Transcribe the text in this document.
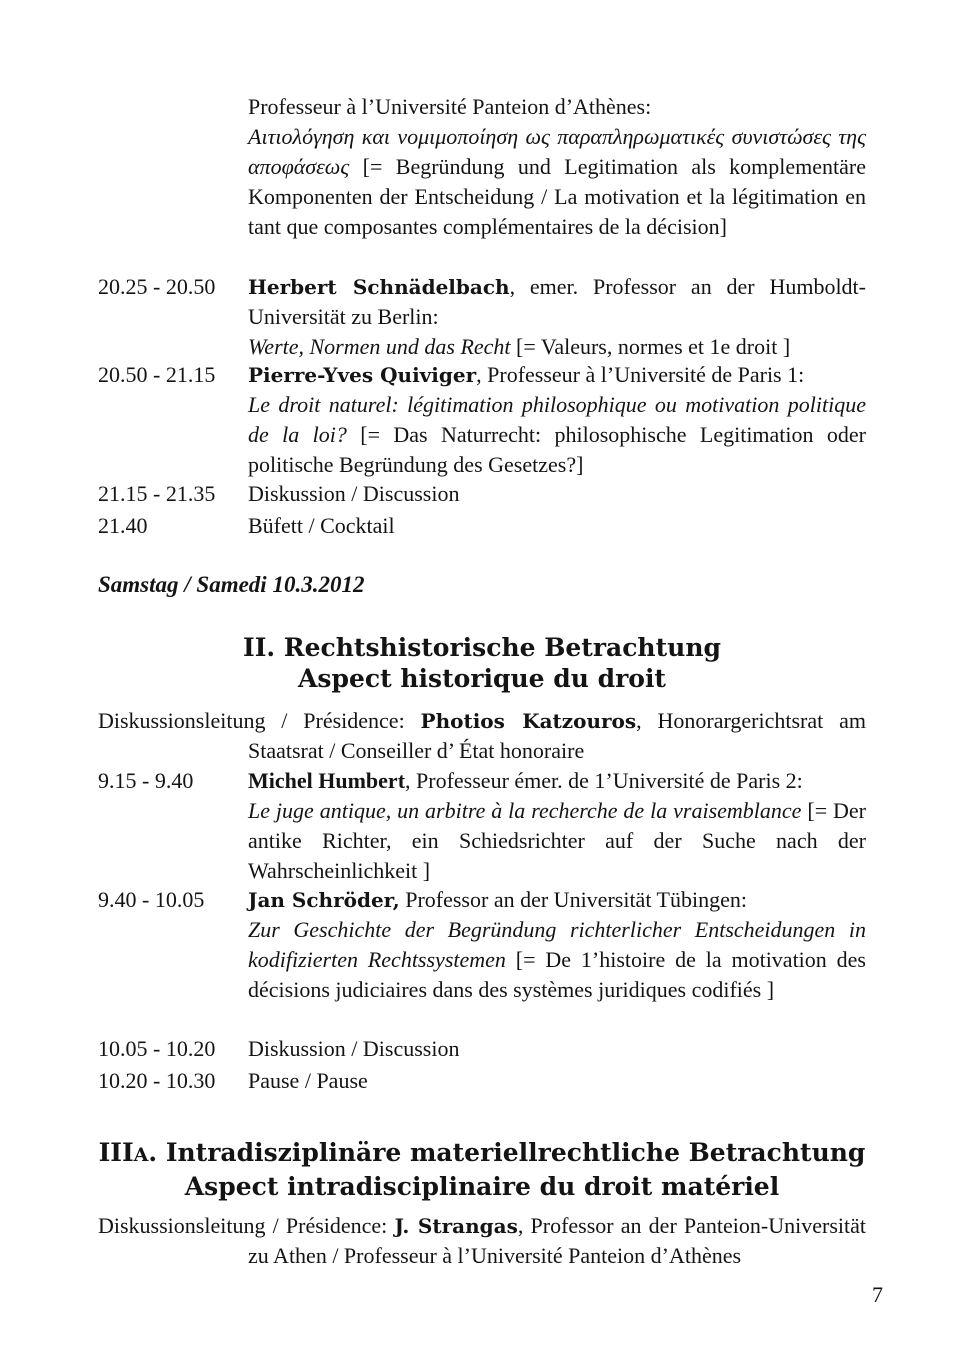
Professeur à l’Université Panteion d’Athènes:
Αιτιολόγηση και νομιμοποίηση ως παραπληρωματικές συνιστώσες της αποφάσεως [= Begründung und Legitimation als komplementäre Komponenten der Entscheidung / La motivation et la légitimation en tant que composantes complémentaires de la décision]
20.25 - 20.50	Herbert Schnädelbach, emer. Professor an der Humboldt-Universität zu Berlin:
Werte, Normen und das Recht [= Valeurs, normes et 1e droit ]
20.50 - 21.15	Pierre-Yves Quiviger, Professeur à l’Université de Paris 1:
Le droit naturel: légitimation philosophique ou motivation politique de la loi? [= Das Naturrecht: philosophische Legitimation oder politische Begründung des Gesetzes?]
21.15 - 21.35	Diskussion / Discussion
21.40	Büfett / Cocktail
Samstag / Samedi 10.3.2012
II. Rechtshistorische Betrachtung
Aspect historique du droit
Diskussionsleitung / Présidence: Photios Katzouros, Honorargerichtsrat am Staatsrat / Conseiller d’ État honoraire
9.15 - 9.40	Michel Humbert, Professeur émer. de 1’Université de Paris 2:
Le juge antique, un arbitre à la recherche de la vraisemblance [= Der antike Richter, ein Schiedsrichter auf der Suche nach der Wahrscheinlichkeit ]
9.40 - 10.05	Jan Schröder, Professor an der Universität Tübingen:
Zur Geschichte der Begründung richterlicher Entscheidungen in kodifizierten Rechtssystemen [= De 1’histoire de la motivation des décisions judiciaires dans des systèmes juridiques codifiés ]
10.05 - 10.20	Diskussion / Discussion
10.20 - 10.30	Pause / Pause
IIIA. Intradisziplinäre materiellrechtliche Betrachtung
Aspect intradisciplinaire du droit matériel
Diskussionsleitung / Présidence: J. Strangas, Professor an der Panteion-Universität zu Athen / Professeur à l’Université Panteion d’Athènes
7
